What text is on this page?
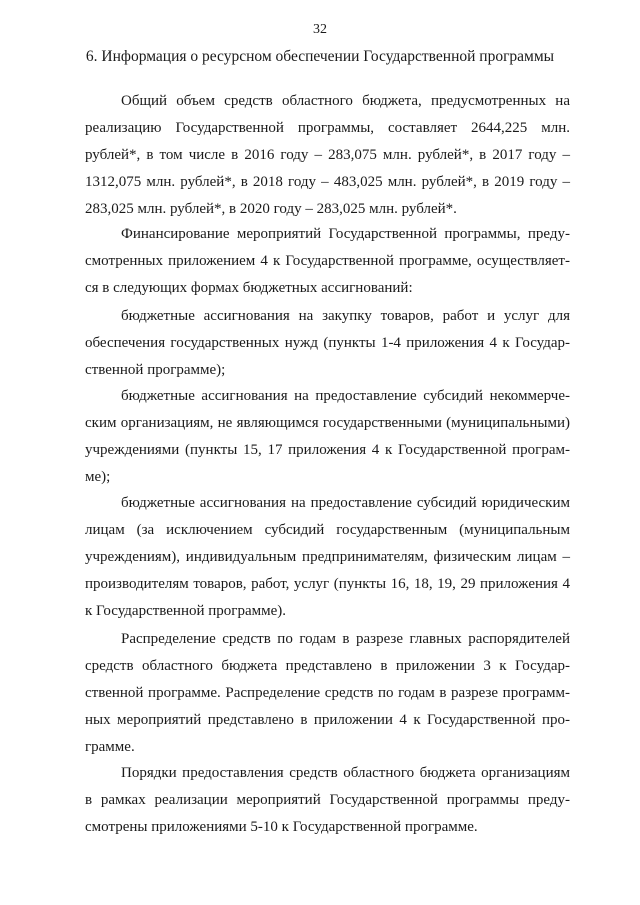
32
6. Информация о ресурсном обеспечении Государственной программы

Общий объем средств областного бюджета, предусмотренных на реализацию Государственной программы, составляет 2644,225 млн. рублей*, в том числе в 2016 году – 283,075 млн. рублей*, в 2017 году – 1312,075 млн. рублей*, в 2018 году – 483,025 млн. рублей*, в 2019 году – 283,025 млн. рублей*, в 2020 году – 283,025 млн. рублей*.

Финансирование мероприятий Государственной программы, предусмотренных приложением 4 к Государственной программе, осуществляется в следующих формах бюджетных ассигнований:

бюджетные ассигнования на закупку товаров, работ и услуг для обеспечения государственных нужд (пункты 1-4 приложения 4 к Государственной программе);

бюджетные ассигнования на предоставление субсидий некоммерческим организациям, не являющимся государственными (муниципальными) учреждениями (пункты 15, 17 приложения 4 к Государственной программе);

бюджетные ассигнования на предоставление субсидий юридическим лицам (за исключением субсидий государственным (муниципальным учреждениям), индивидуальным предпринимателям, физическим лицам – производителям товаров, работ, услуг (пункты 16, 18, 19, 29 приложения 4 к Государственной программе).

Распределение средств по годам в разрезе главных распорядителей средств областного бюджета представлено в приложении 3 к Государственной программе. Распределение средств по годам в разрезе программных мероприятий представлено в приложении 4 к Государственной программе.

Порядки предоставления средств областного бюджета организациям в рамках реализации мероприятий Государственной программы предусмотрены приложениями 5-10 к Государственной программе.
